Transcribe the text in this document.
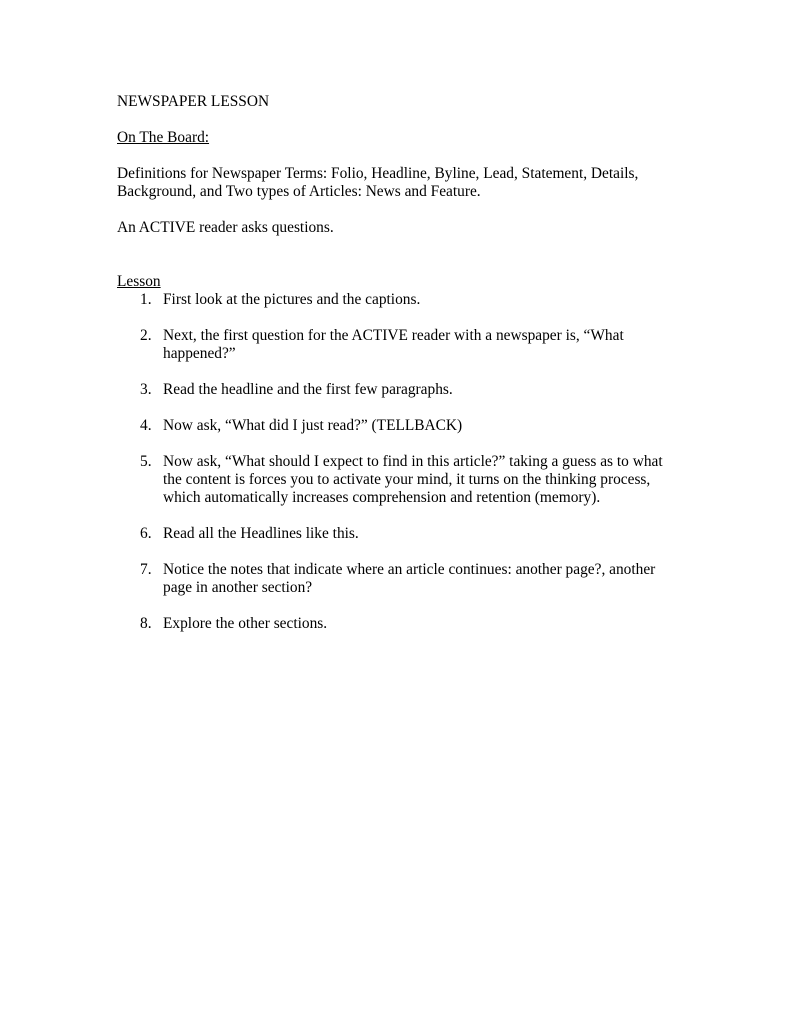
NEWSPAPER LESSON

On The Board:

Definitions for Newspaper Terms: Folio, Headline, Byline, Lead, Statement, Details, Background, and Two types of Articles: News and Feature.

An ACTIVE reader asks questions.

Lesson

1. First look at the pictures and the captions.
2. Next, the first question for the ACTIVE reader with a newspaper is, “What happened?”
3. Read the headline and the first few paragraphs.
4. Now ask, “What did I just read?” (TELLBACK)
5. Now ask, “What should I expect to find in this article?” taking a guess as to what the content is forces you to activate your mind, it turns on the thinking process, which automatically increases comprehension and retention (memory).
6. Read all the Headlines like this.
7. Notice the notes that indicate where an article continues: another page?, another page in another section?
8. Explore the other sections.
